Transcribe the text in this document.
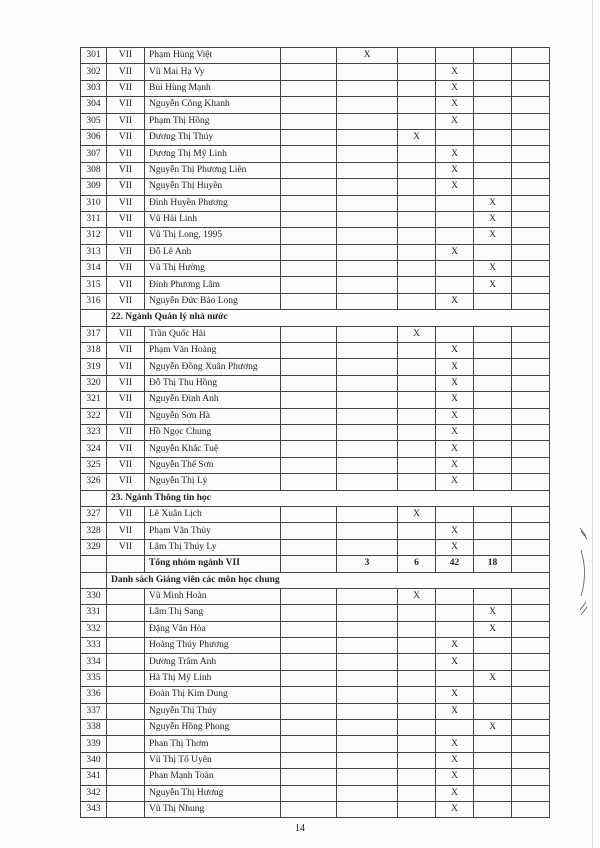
301	VII	Phạm Hùng Việt		X				
302	VII	Vũ Mai Hạ Vy				X		
303	VII	Bùi Hùng Mạnh				X		
304	VII	Nguyễn Công Khanh				X		
305	VII	Phạm Thị Hồng				X		
306	VII	Dương Thị Thúy			X			
307	VII	Dương Thị Mỹ Linh				X		
308	VII	Nguyễn Thị Phương Liên				X		
309	VII	Nguyễn Thị Huyền				X		
310	VII	Đinh Huyền Phương					X	
311	VII	Vũ Hải Linh					X	
312	VII	Vũ Thị Long, 1995					X	
313	VII	Đỗ Lê Anh				X		
314	VII	Vũ Thị Hường					X	
315	VII	Đinh Phương Lâm					X	
316	VII	Nguyễn Đức Bảo Long				X		
	22. Ngành Quản lý nhà nước							
317	VII	Trần Quốc Hải			X			
318	VII	Phạm Văn Hoàng				X		
319	VII	Nguyễn Đồng Xuân Phương				X		
320	VII	Đỗ Thị Thu Hồng				X		
321	VII	Nguyễn Đình Anh				X		
322	VII	Nguyễn Sơn Hà				X		
323	VII	Hồ Ngọc Chung				X		
324	VII	Nguyễn Khắc Tuệ				X		
325	VII	Nguyễn Thế Sơn				X		
326	VII	Nguyễn Thị Lý				X		
	23. Ngành Thông tin học							
327	VII	Lê Xuân Lịch			X			
328	VII	Phạm Văn Thùy				X		
329	VII	Lâm Thị Thúy Ly				X		
		Tổng nhóm ngành VII		3	6	42	18	
	Danh sách Giảng viên các môn học chung							
330		Vũ Minh Hoàn			X			
331		Lâm Thị Sang					X	
332		Đặng Văn Hòa					X	
333		Hoàng Thúy Phương				X		
334		Dương Trâm Anh				X		
335		Hà Thị Mỹ Linh					X	
336		Đoàn Thị Kim Dung				X		
337		Nguyễn Thị Thúy				X		
338		Nguyễn Hồng Phong					X	
339		Phan Thị Thơm				X		
340		Vũ Thị Tố Uyên				X		
341		Phan Mạnh Toàn				X		
342		Nguyễn Thị Hương				X		
343		Vũ Thị Nhung				X		
14
